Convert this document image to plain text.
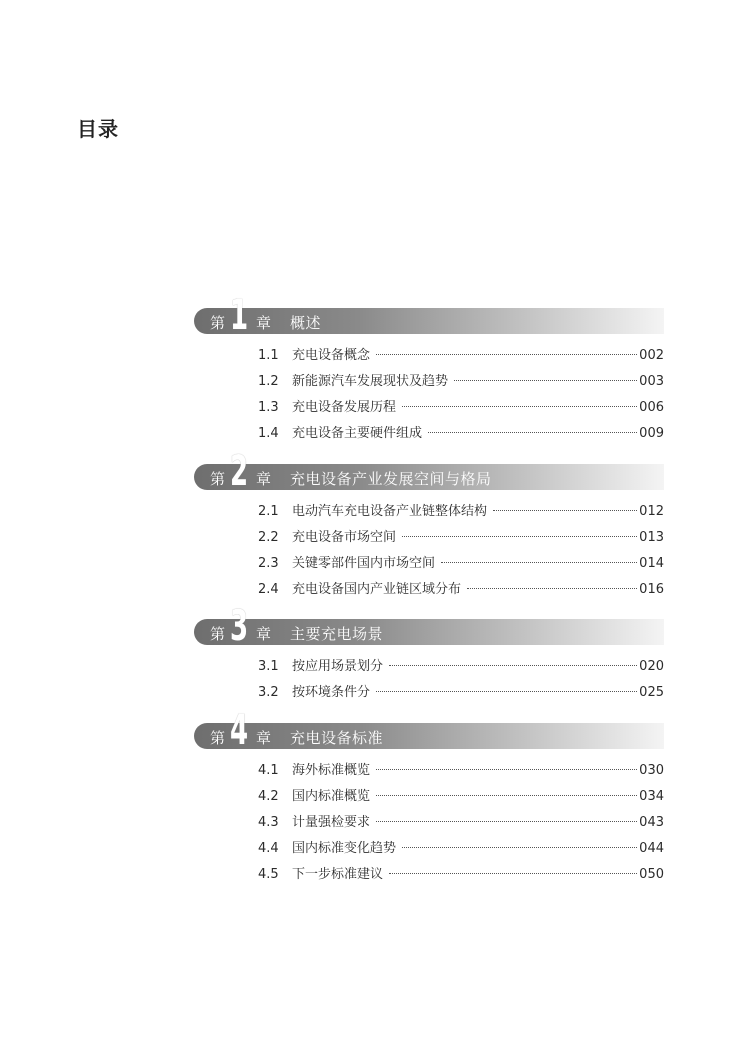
目录
第 1 章 概述
1.1	充电设备概念	002
1.2	新能源汽车发展现状及趋势	003
1.3	充电设备发展历程	006
1.4	充电设备主要硬件组成	009
第 2 章 充电设备产业发展空间与格局
2.1	电动汽车充电设备产业链整体结构	012
2.2	充电设备市场空间	013
2.3	关键零部件国内市场空间	014
2.4	充电设备国内产业链区域分布	016
第 3 章 主要充电场景
3.1	按应用场景划分	020
3.2	按环境条件分	025
第 4 章 充电设备标准
4.1	海外标准概览	030
4.2	国内标准概览	034
4.3	计量强检要求	043
4.4	国内标准变化趋势	044
4.5	下一步标准建议	050
